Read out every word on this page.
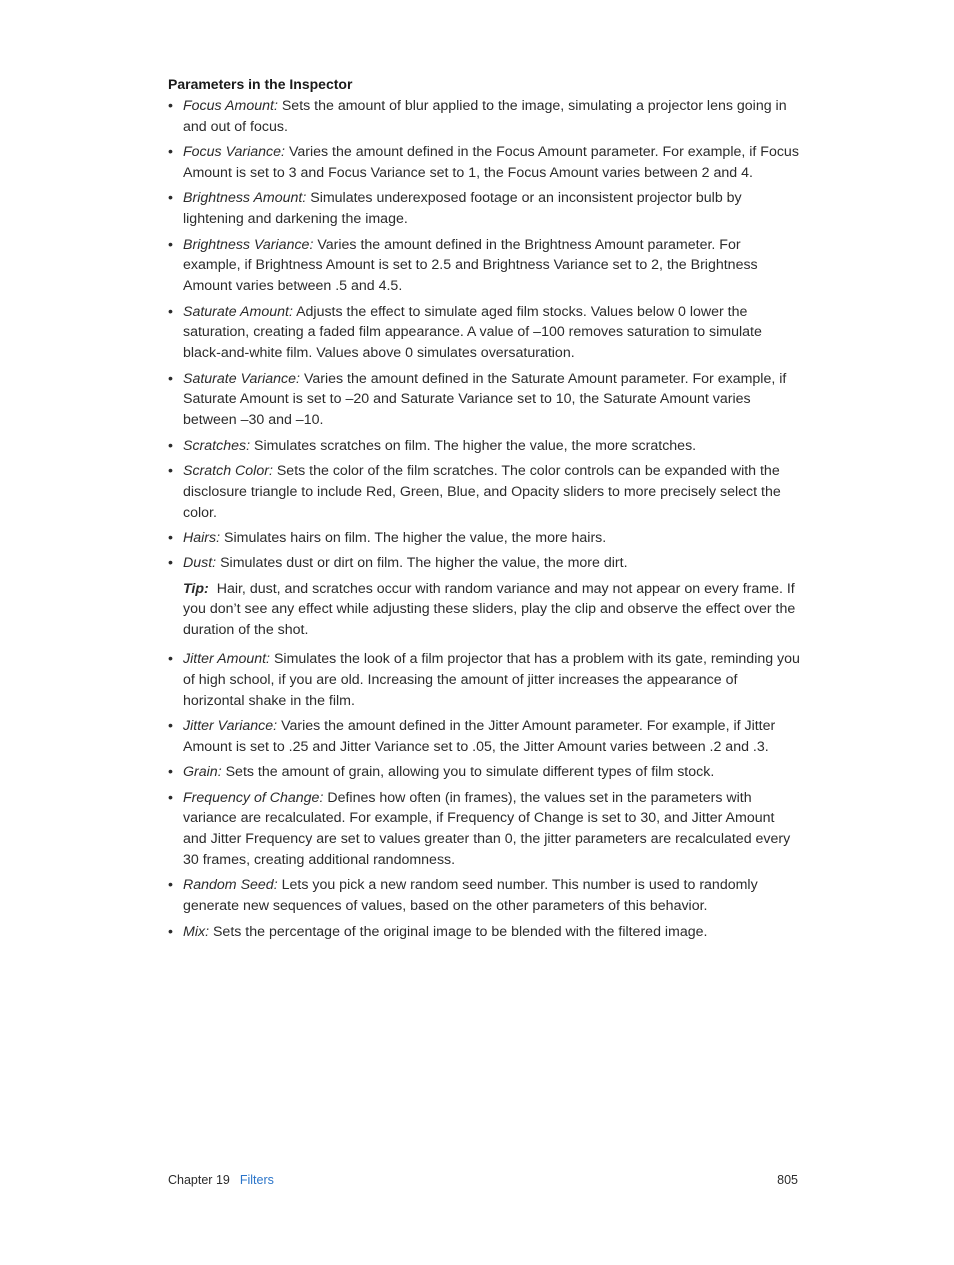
Parameters in the Inspector
• Focus Amount: Sets the amount of blur applied to the image, simulating a projector lens going in and out of focus.
• Focus Variance: Varies the amount defined in the Focus Amount parameter. For example, if Focus Amount is set to 3 and Focus Variance set to 1, the Focus Amount varies between 2 and 4.
• Brightness Amount: Simulates underexposed footage or an inconsistent projector bulb by lightening and darkening the image.
• Brightness Variance: Varies the amount defined in the Brightness Amount parameter. For example, if Brightness Amount is set to 2.5 and Brightness Variance set to 2, the Brightness Amount varies between .5 and 4.5.
• Saturate Amount: Adjusts the effect to simulate aged film stocks. Values below 0 lower the saturation, creating a faded film appearance. A value of –100 removes saturation to simulate black-and-white film. Values above 0 simulates oversaturation.
• Saturate Variance: Varies the amount defined in the Saturate Amount parameter. For example, if Saturate Amount is set to –20 and Saturate Variance set to 10, the Saturate Amount varies between –30 and –10.
• Scratches: Simulates scratches on film. The higher the value, the more scratches.
• Scratch Color: Sets the color of the film scratches. The color controls can be expanded with the disclosure triangle to include Red, Green, Blue, and Opacity sliders to more precisely select the color.
• Hairs: Simulates hairs on film. The higher the value, the more hairs.
• Dust: Simulates dust or dirt on film. The higher the value, the more dirt.
Tip: Hair, dust, and scratches occur with random variance and may not appear on every frame. If you don’t see any effect while adjusting these sliders, play the clip and observe the effect over the duration of the shot.
• Jitter Amount: Simulates the look of a film projector that has a problem with its gate, reminding you of high school, if you are old. Increasing the amount of jitter increases the appearance of horizontal shake in the film.
• Jitter Variance: Varies the amount defined in the Jitter Amount parameter. For example, if Jitter Amount is set to .25 and Jitter Variance set to .05, the Jitter Amount varies between .2 and .3.
• Grain: Sets the amount of grain, allowing you to simulate different types of film stock.
• Frequency of Change: Defines how often (in frames), the values set in the parameters with variance are recalculated. For example, if Frequency of Change is set to 30, and Jitter Amount and Jitter Frequency are set to values greater than 0, the jitter parameters are recalculated every 30 frames, creating additional randomness.
• Random Seed: Lets you pick a new random seed number. This number is used to randomly generate new sequences of values, based on the other parameters of this behavior.
• Mix: Sets the percentage of the original image to be blended with the filtered image.
Chapter 19 Filters	805
